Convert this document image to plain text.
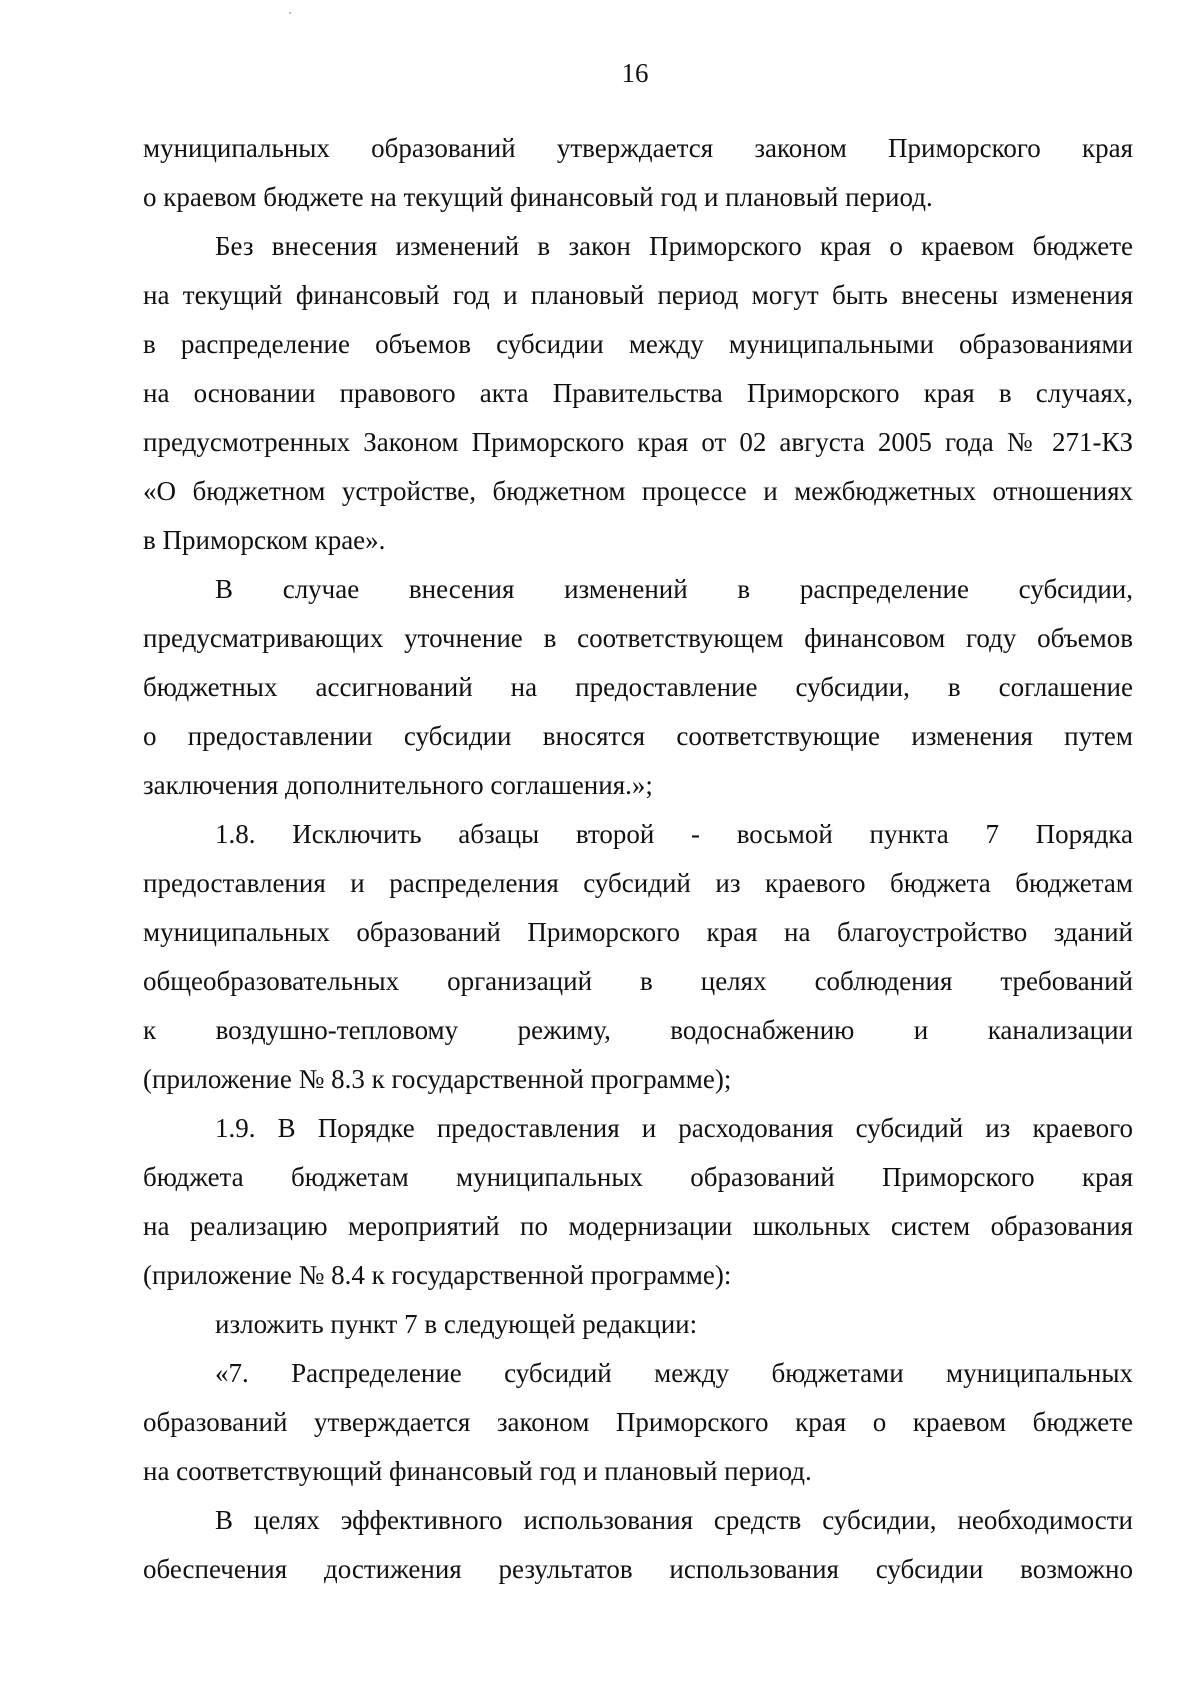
16
муниципальных образований утверждается законом Приморского края
о краевом бюджете на текущий финансовый год и плановый период.
Без внесения изменений в закон Приморского края о краевом бюджете
на текущий финансовый год и плановый период могут быть внесены изменения
в распределение объемов субсидии между муниципальными образованиями
на основании правового акта Правительства Приморского края в случаях,
предусмотренных Законом Приморского края от 02 августа 2005 года № 271-КЗ
«О бюджетном устройстве, бюджетном процессе и межбюджетных отношениях
в Приморском крае».
В случае внесения изменений в распределение субсидии,
предусматривающих уточнение в соответствующем финансовом году объемов
бюджетных ассигнований на предоставление субсидии, в соглашение
о предоставлении субсидии вносятся соответствующие изменения путем
заключения дополнительного соглашения.»;
1.8. Исключить абзацы второй - восьмой пункта 7 Порядка
предоставления и распределения субсидий из краевого бюджета бюджетам
муниципальных образований Приморского края на благоустройство зданий
общеобразовательных организаций в целях соблюдения требований
к воздушно-тепловому режиму, водоснабжению и канализации
(приложение № 8.3 к государственной программе);
1.9. В Порядке предоставления и расходования субсидий из краевого
бюджета бюджетам муниципальных образований Приморского края
на реализацию мероприятий по модернизации школьных систем образования
(приложение № 8.4 к государственной программе):
изложить пункт 7 в следующей редакции:
«7. Распределение субсидий между бюджетами муниципальных
образований утверждается законом Приморского края о краевом бюджете
на соответствующий финансовый год и плановый период.
В целях эффективного использования средств субсидии, необходимости
обеспечения достижения результатов использования субсидии возможно
